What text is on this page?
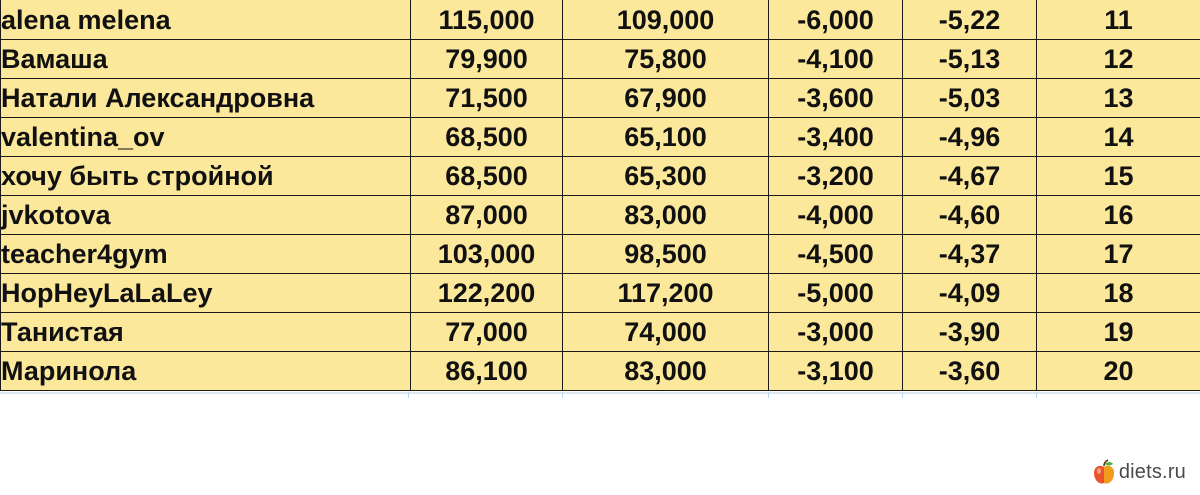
alena melena	115,000	109,000	-6,000	-5,22	11
Вамаша	79,900	75,800	-4,100	-5,13	12
Натали Александровна	71,500	67,900	-3,600	-5,03	13
valentina_ov	68,500	65,100	-3,400	-4,96	14
хочу быть стройной	68,500	65,300	-3,200	-4,67	15
jvkotova	87,000	83,000	-4,000	-4,60	16
teacher4gym	103,000	98,500	-4,500	-4,37	17
HopHeyLaLaLey	122,200	117,200	-5,000	-4,09	18
Танистая	77,000	74,000	-3,000	-3,90	19
Маринола	86,100	83,000	-3,100	-3,60	20
diets.ru
